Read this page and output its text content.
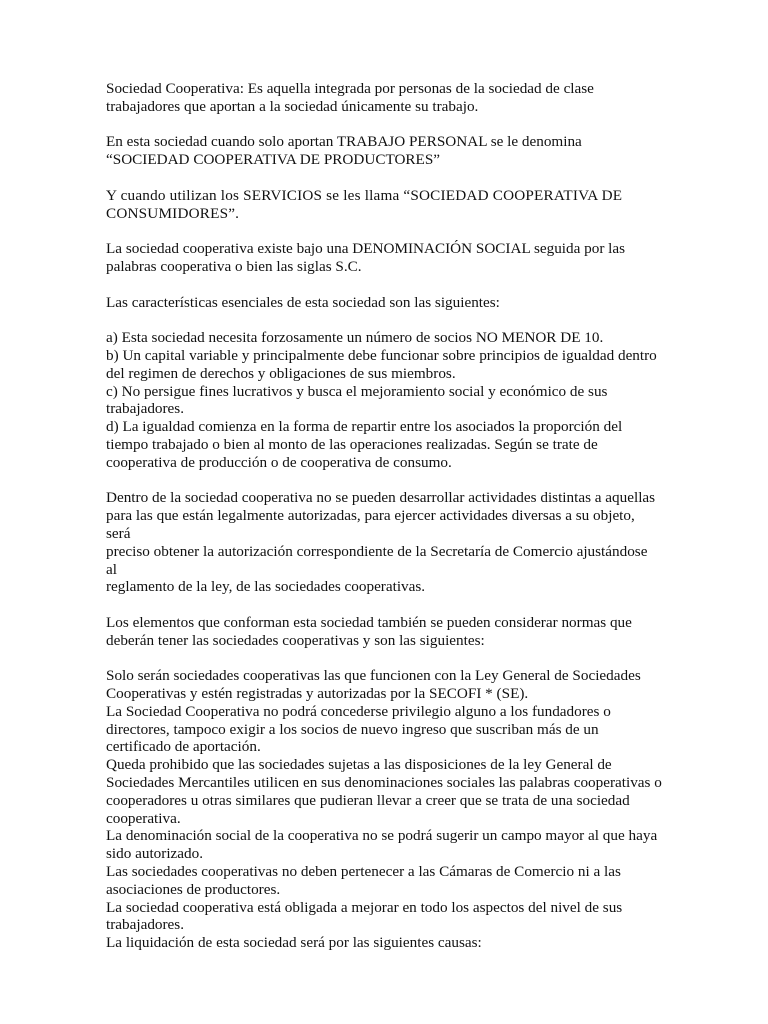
Sociedad Cooperativa: Es aquella integrada por personas de la sociedad de clase
trabajadores que aportan a la sociedad únicamente su trabajo.

En esta sociedad cuando solo aportan TRABAJO PERSONAL se le denomina
“SOCIEDAD COOPERATIVA DE PRODUCTORES”

Y cuando utilizan los SERVICIOS se les llama “SOCIEDAD COOPERATIVA DE
CONSUMIDORES”.

La sociedad cooperativa existe bajo una DENOMINACIÓN SOCIAL seguida por las
palabras cooperativa o bien las siglas S.C.

Las características esenciales de esta sociedad son las siguientes:

a) Esta sociedad necesita forzosamente un número de socios NO MENOR DE 10.
b) Un capital variable y principalmente debe funcionar sobre principios de igualdad dentro
del regimen de derechos y obligaciones de sus miembros.
c) No persigue fines lucrativos y busca el mejoramiento social y económico de sus
trabajadores.
d) La igualdad comienza en la forma de repartir entre los asociados la proporción del
tiempo trabajado o bien al monto de las operaciones realizadas. Según se trate de
cooperativa de producción o de cooperativa de consumo.

Dentro de la sociedad cooperativa no se pueden desarrollar actividades distintas a aquellas
para las que están legalmente autorizadas, para ejercer actividades diversas a su objeto, será
preciso obtener la autorización correspondiente de la Secretaría de Comercio ajustándose al
reglamento de la ley, de las sociedades cooperativas.

Los elementos que conforman esta sociedad también se pueden considerar normas que
deberán tener las sociedades cooperativas y son las siguientes:

Solo serán sociedades cooperativas las que funcionen con la Ley General de Sociedades
Cooperativas y estén registradas y autorizadas por la SECOFI * (SE).
La Sociedad Cooperativa no podrá concederse privilegio alguno a los fundadores o
directores, tampoco exigir a los socios de nuevo ingreso que suscriban más de un
certificado de aportación.
Queda prohibido que las sociedades sujetas a las disposiciones de la ley General de
Sociedades Mercantiles utilicen en sus denominaciones sociales las palabras cooperativas o
cooperadores u otras similares que pudieran llevar a creer que se trata de una sociedad
cooperativa.
La denominación social de la cooperativa no se podrá sugerir un campo mayor al que haya
sido autorizado.
Las sociedades cooperativas no deben pertenecer a las Cámaras de Comercio ni a las
asociaciones de productores.
La sociedad cooperativa está obligada a mejorar en todo los aspectos del nivel de sus
trabajadores.
La liquidación de esta sociedad será por las siguientes causas:
